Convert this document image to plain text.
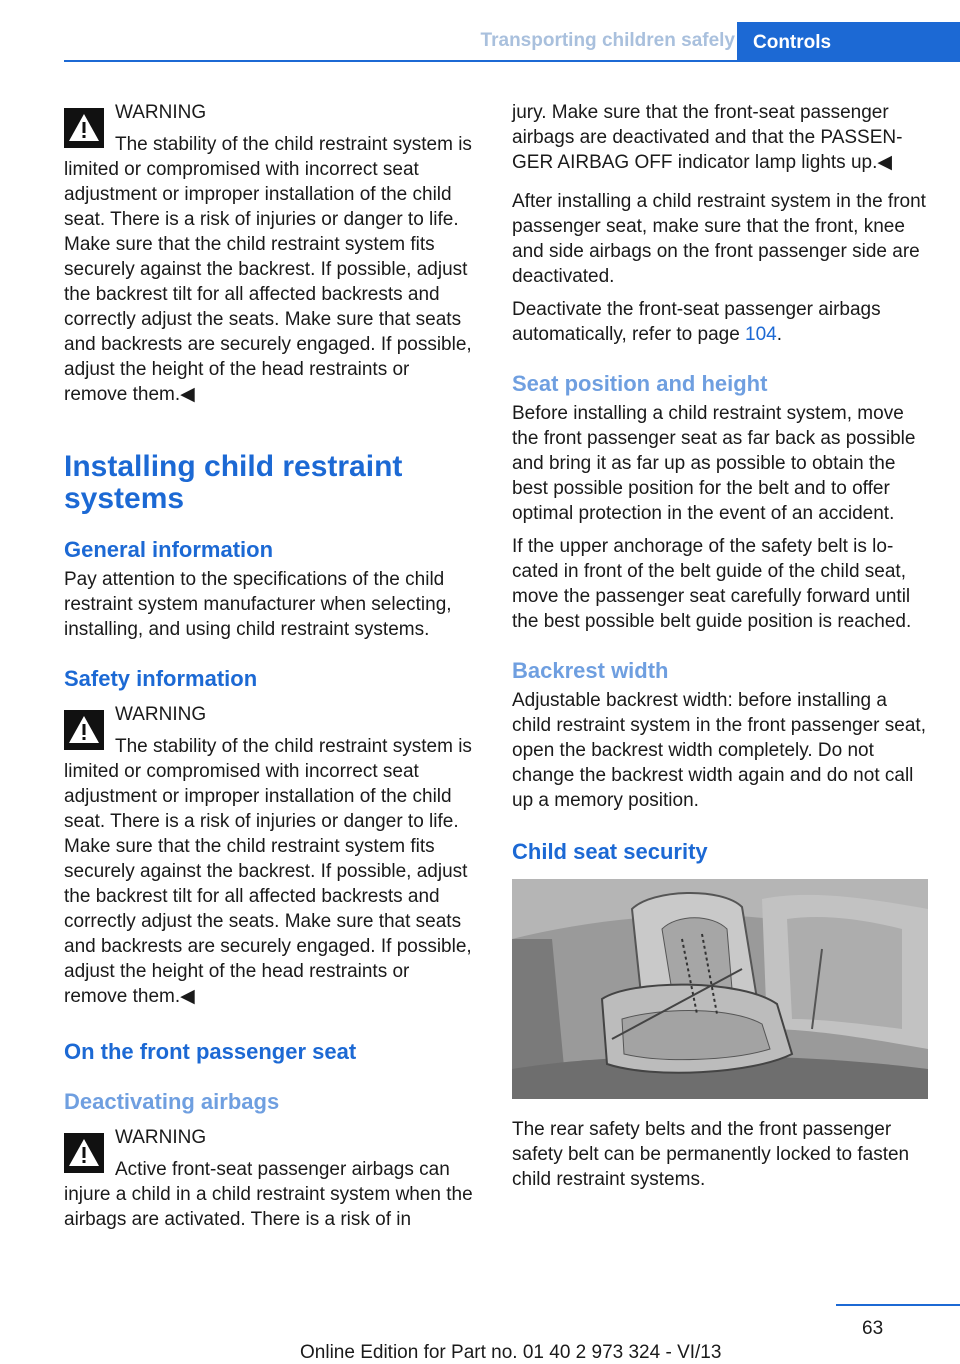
Transporting children safely Controls
WARNING

The stability of the child restraint system is limited or compromised with incorrect seat adjustment or improper installation of the child seat. There is a risk of injuries or danger to life. Make sure that the child restraint system fits securely against the backrest. If possible, adjust the backrest tilt for all affected backrests and correctly adjust the seats. Make sure that seats and backrests are securely engaged. If possible, adjust the height of the head restraints or remove them.◀

Installing child restraint systems
General information

Pay attention to the specifications of the child restraint system manufacturer when selecting, installing, and using child restraint systems.

Safety information
WARNING

The stability of the child restraint system is limited or compromised with incorrect seat adjustment or improper installation of the child seat. There is a risk of injuries or danger to life. Make sure that the child restraint system fits securely against the backrest. If possible, adjust the backrest tilt for all affected backrests and correctly adjust the seats. Make sure that seats and backrests are securely engaged. If possible, adjust the height of the head restraints or remove them.◀

On the front passenger seat
Deactivating airbags
WARNING

Active front-seat passenger airbags can injure a child in a child restraint system when the airbags are activated. There is a risk of in

jury. Make sure that the front-seat passenger airbags are deactivated and that the PASSENGER AIRBAG OFF indicator lamp lights up.◀

After installing a child restraint system in the front passenger seat, make sure that the front, knee and side airbags on the front passenger side are deactivated.

Deactivate the front-seat passenger airbags automatically, refer to page 104.

Seat position and height

Before installing a child restraint system, move the front passenger seat as far back as possible and bring it as far up as possible to obtain the best possible position for the belt and to offer optimal protection in the event of an accident.

If the upper anchorage of the safety belt is located in front of the belt guide of the child seat, move the passenger seat carefully forward until the best possible belt guide position is reached.

Backrest width

Adjustable backrest width: before installing a child restraint system in the front passenger seat, open the backrest width completely. Do not change the backrest width again and do not call up a memory position.

Child seat security

The rear safety belts and the front passenger safety belt can be permanently locked to fasten child restraint systems.

63
Online Edition for Part no. 01 40 2 973 324 - VI/13
